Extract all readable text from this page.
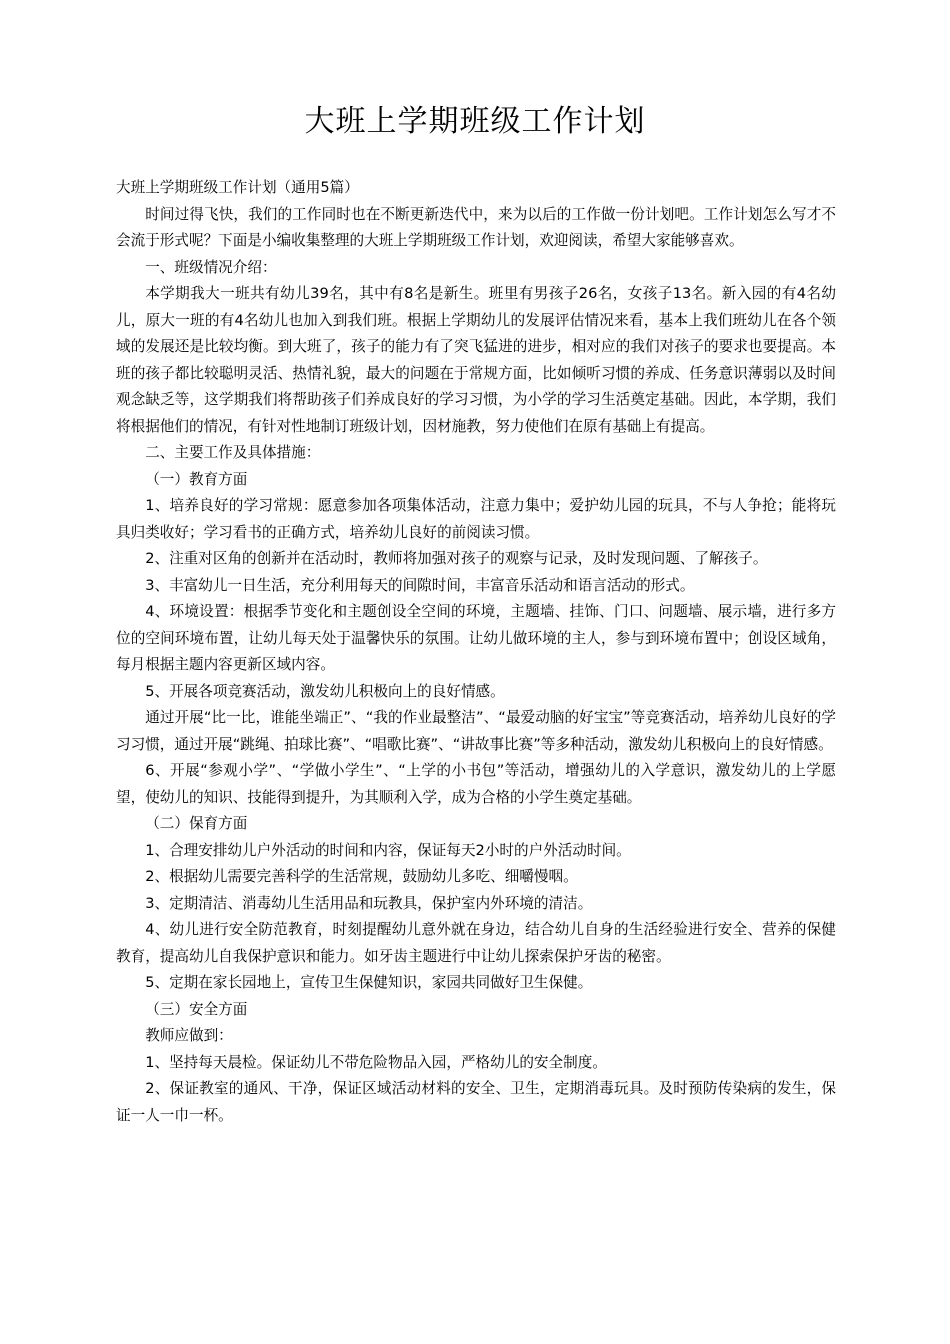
大班上学期班级工作计划

大班上学期班级工作计划（通用5篇）

时间过得飞快，我们的工作同时也在不断更新迭代中，来为以后的工作做一份计划吧。工作计划怎么写才不会流于形式呢？下面是小编收集整理的大班上学期班级工作计划，欢迎阅读，希望大家能够喜欢。

一、班级情况介绍：

本学期我大一班共有幼儿39名，其中有8名是新生。班里有男孩子26名，女孩子13名。新入园的有4名幼儿，原大一班的有4名幼儿也加入到我们班。根据上学期幼儿的发展评估情况来看，基本上我们班幼儿在各个领域的发展还是比较均衡。到大班了，孩子的能力有了突飞猛进的进步，相对应的我们对孩子的要求也要提高。本班的孩子都比较聪明灵活、热情礼貌，最大的问题在于常规方面，比如倾听习惯的养成、任务意识薄弱以及时间观念缺乏等，这学期我们将帮助孩子们养成良好的学习习惯，为小学的学习生活奠定基础。因此，本学期，我们将根据他们的情况，有针对性地制订班级计划，因材施教，努力使他们在原有基础上有提高。

二、主要工作及具体措施：

（一）教育方面

1、培养良好的学习常规：愿意参加各项集体活动，注意力集中；爱护幼儿园的玩具，不与人争抢；能将玩具归类收好；学习看书的正确方式，培养幼儿良好的前阅读习惯。

2、注重对区角的创新并在活动时，教师将加强对孩子的观察与记录，及时发现问题、了解孩子。

3、丰富幼儿一日生活，充分利用每天的间隙时间，丰富音乐活动和语言活动的形式。

4、环境设置：根据季节变化和主题创设全空间的环境，主题墙、挂饰、门口、问题墙、展示墙，进行多方位的空间环境布置，让幼儿每天处于温馨快乐的氛围。让幼儿做环境的主人，参与到环境布置中；创设区域角，每月根据主题内容更新区域内容。

5、开展各项竞赛活动，激发幼儿积极向上的良好情感。

通过开展“比一比，谁能坐端正”、“我的作业最整洁”、“最爱动脑的好宝宝”等竞赛活动，培养幼儿良好的学习习惯，通过开展“跳绳、拍球比赛”、“唱歌比赛”、“讲故事比赛”等多种活动，激发幼儿积极向上的良好情感。

6、开展“参观小学”、“学做小学生”、“上学的小书包”等活动，增强幼儿的入学意识，激发幼儿的上学愿望，使幼儿的知识、技能得到提升，为其顺利入学，成为合格的小学生奠定基础。

（二）保育方面

1、合理安排幼儿户外活动的时间和内容，保证每天2小时的户外活动时间。

2、根据幼儿需要完善科学的生活常规，鼓励幼儿多吃、细嚼慢咽。

3、定期清洁、消毒幼儿生活用品和玩教具，保护室内外环境的清洁。

4、幼儿进行安全防范教育，时刻提醒幼儿意外就在身边，结合幼儿自身的生活经验进行安全、营养的保健教育，提高幼儿自我保护意识和能力。如牙齿主题进行中让幼儿探索保护牙齿的秘密。

5、定期在家长园地上，宣传卫生保健知识，家园共同做好卫生保健。

（三）安全方面

教师应做到：

1、坚持每天晨检。保证幼儿不带危险物品入园，严格幼儿的安全制度。

2、保证教室的通风、干净，保证区域活动材料的安全、卫生，定期消毒玩具。及时预防传染病的发生，保证一人一巾一杯。
